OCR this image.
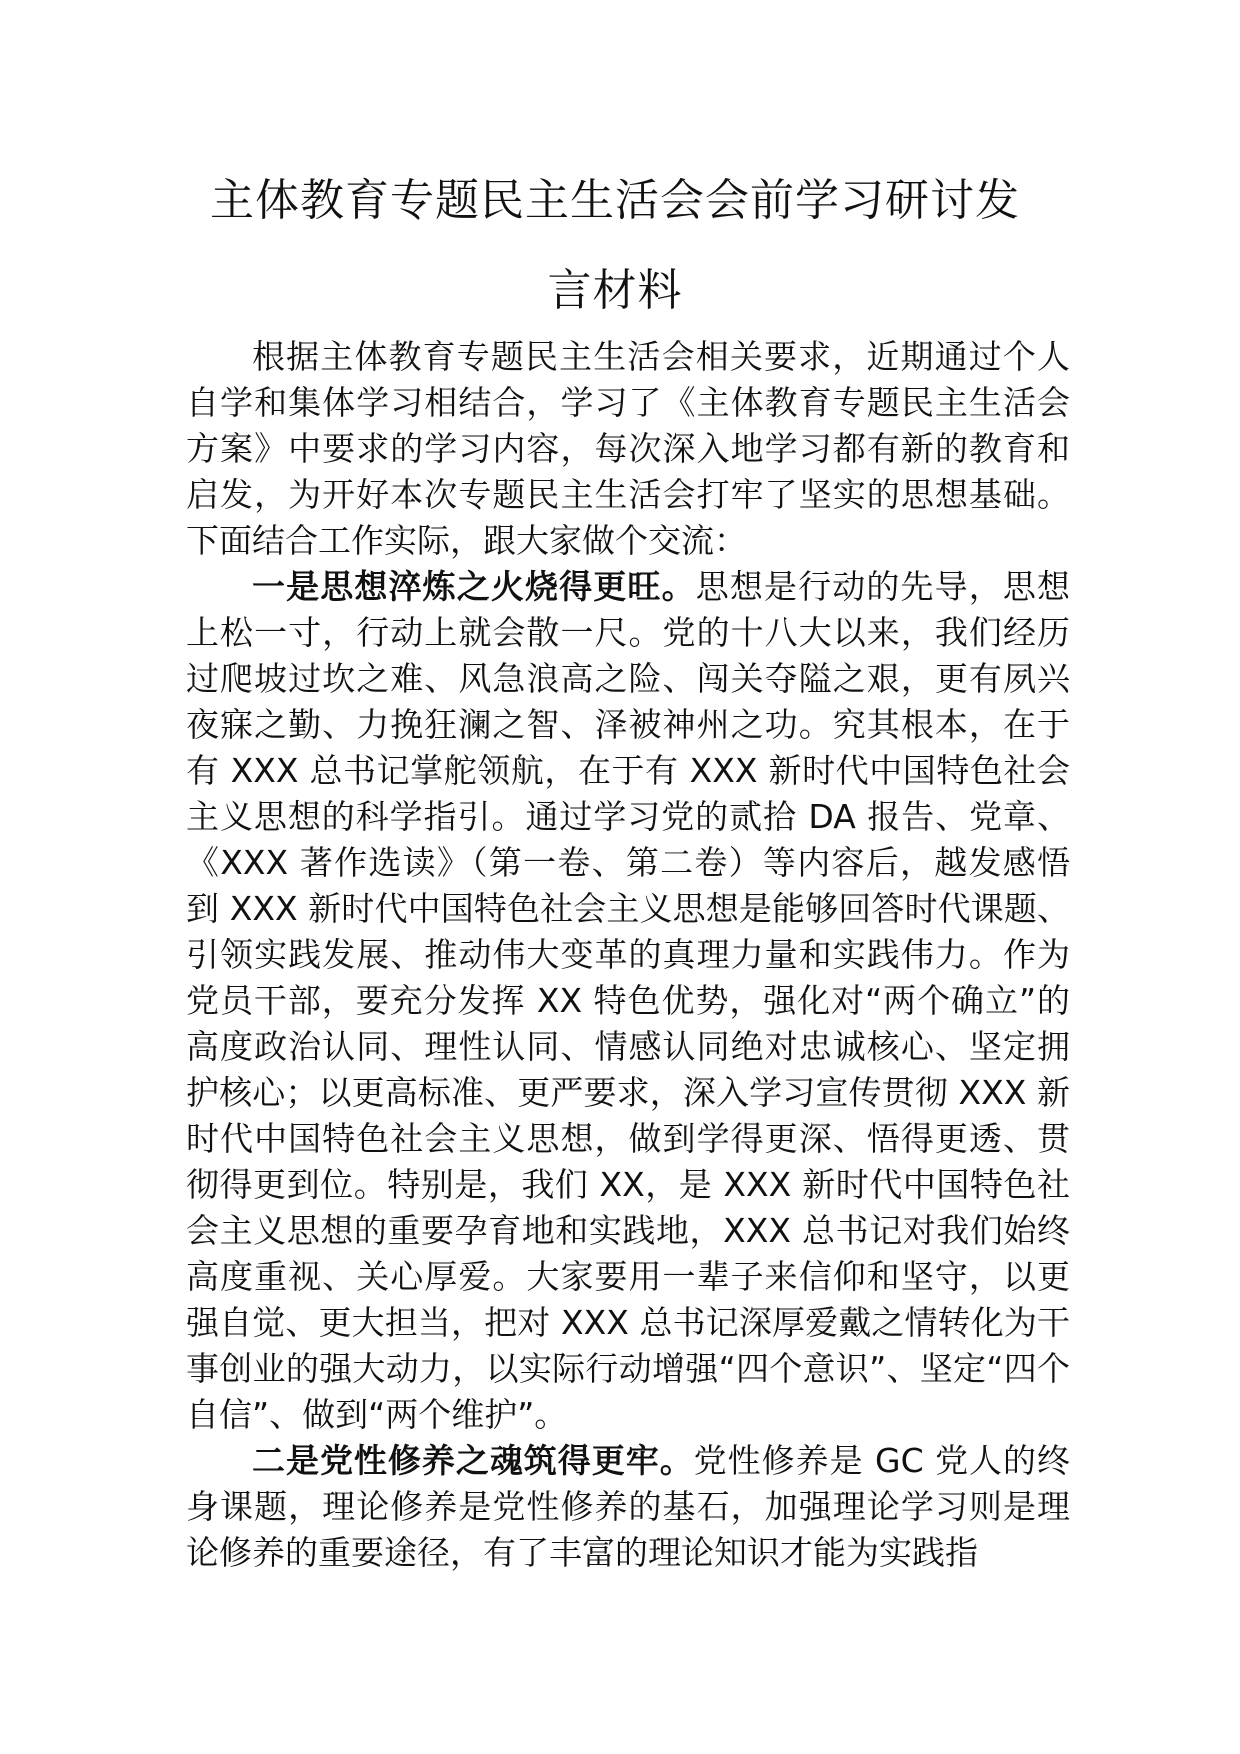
主体教育专题民主生活会会前学习研讨发
言材料

根据主体教育专题民主生活会相关要求，近期通过个人自学和集体学习相结合，学习了《主体教育专题民主生活会方案》中要求的学习内容，每次深入地学习都有新的教育和启发，为开好本次专题民主生活会打牢了坚实的思想基础。下面结合工作实际，跟大家做个交流：

一是思想淬炼之火烧得更旺。思想是行动的先导，思想上松一寸，行动上就会散一尺。党的十八大以来，我们经历过爬坡过坎之难、风急浪高之险、闯关夺隘之艰，更有夙兴夜寐之勤、力挽狂澜之智、泽被神州之功。究其根本，在于有 XXX 总书记掌舵领航，在于有 XXX 新时代中国特色社会主义思想的科学指引。通过学习党的贰拾 DA 报告、党章、《XXX 著作选读》（第一卷、第二卷）等内容后，越发感悟到 XXX 新时代中国特色社会主义思想是能够回答时代课题、引领实践发展、推动伟大变革的真理力量和实践伟力。作为党员干部，要充分发挥 XX 特色优势，强化对“两个确立”的高度政治认同、理性认同、情感认同绝对忠诚核心、坚定拥护核心；以更高标准、更严要求，深入学习宣传贯彻 XXX 新时代中国特色社会主义思想，做到学得更深、悟得更透、贯彻得更到位。特别是，我们 XX，是 XXX 新时代中国特色社会主义思想的重要孕育地和实践地，XXX 总书记对我们始终高度重视、关心厚爱。大家要用一辈子来信仰和坚守，以更强自觉、更大担当，把对 XXX 总书记深厚爱戴之情转化为干事创业的强大动力，以实际行动增强“四个意识”、坚定“四个自信”、做到“两个维护”。

二是党性修养之魂筑得更牢。党性修养是 GC 党人的终身课题，理论修养是党性修养的基石，加强理论学习则是理论修养的重要途径，有了丰富的理论知识才能为实践指
